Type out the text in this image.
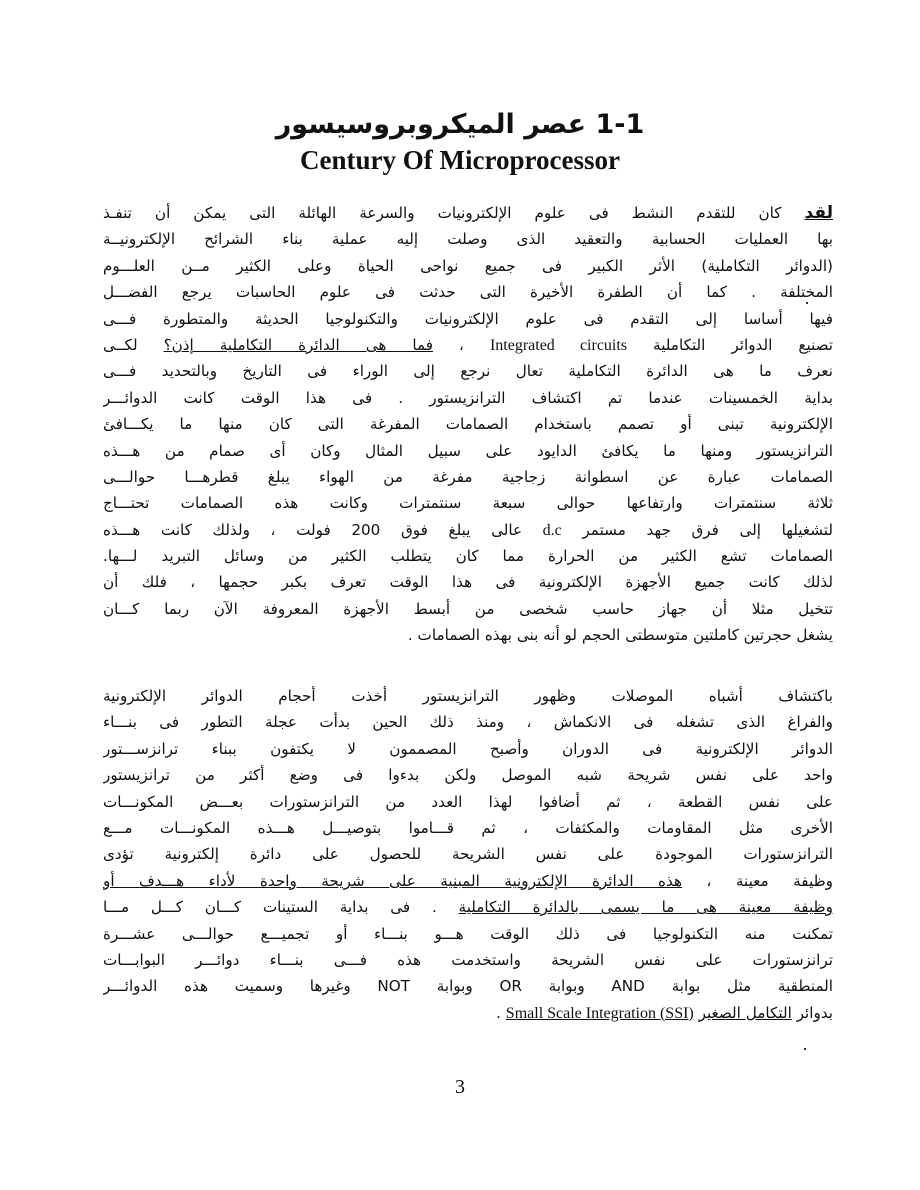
1-1 عصر الميكروبروسيسور
Century Of Microprocessor
لقد كان للتقدم النشط فى علوم الإلكترونيات والسرعة الهائلة التى يمكن أن تنفـذ
بها العمليات الحسابية والتعقيد الذى وصلت إليه عملية بناء الشرائح الإلكترونيــة
(الدوائر التكاملية) الأثر الكبير فى جميع نواحى الحياة وعلى الكثير مــن العلـــوم
المختلفة . كما أن الطفرة الأخيرة التى حدثت فى علوم الحاسبات يرجع الفضـــل
فيها أساسا إلى التقدم فى علوم الإلكترونيات والتكنولوجيا الحديثة والمتطورة فـــى
تصنيع الدوائر التكاملية Integrated circuits ، فما هى الدائرة التكاملية إذن؟ لكــى
نعرف ما هى الدائرة التكاملية تعال نرجع إلى الوراء فى التاريخ وبالتحديد فـــى
بداية الخمسينات عندما تم اكتشاف الترانزيستور . فى هذا الوقت كانت الدوائـــر
الإلكترونية تبنى أو تصمم باستخدام الصمامات المفرغة التى كان منها ما يكـــافئ
الترانزيستور ومنها ما يكافئ الدايود على سبيل المثال وكان أى صمام من هـــذه
الصمامات عبارة عن اسطوانة زجاجية مفرغة من الهواء يبلغ قطرهـــا حوالـــى
ثلاثة سنتمترات وارتفاعها حوالى سبعة سنتمترات وكانت هذه الصمامات تحتـــاج
لتشغيلها إلى فرق جهد مستمر d.c عالى يبلغ فوق 200 فولت ، ولذلك كانت هـــذه
الصمامات تشع الكثير من الحرارة مما كان يتطلب الكثير من وسائل التبريد لـــها.
لذلك كانت جميع الأجهزة الإلكترونية فى هذا الوقت تعرف بكبر حجمها ، فلك أن
تتخيل مثلا أن جهاز حاسب شخصى من أبسط الأجهزة المعروفة الآن ربما كـــان
يشغل حجرتين كاملتين متوسطتى الحجم لو أنه بنى بهذه الصمامات .
باكتشاف أشباه الموصلات وظهور الترانزيستور أخذت أحجام الدوائر الإلكترونية
والفراغ الذى تشغله فى الانكماش ، ومنذ ذلك الحين بدأت عجلة التطور فى بنـــاء
الدوائر الإلكترونية فى الدوران وأصبح المصممون لا يكتفون ببناء ترانزســـتور
واحد على نفس شريحة شبه الموصل ولكن بدءوا فى وضع أكثر من ترانزيستور
على نفس القطعة ، ثم أضافوا لهذا العدد من الترانزستورات بعـــض المكونـــات
الأخرى مثل المقاومات والمكثفات ، ثم قـــاموا بتوصيـــل هـــذه المكونـــات مـــع
الترانزستورات الموجودة على نفس الشريحة للحصول على دائرة إلكترونية تؤدى
وظيفة معينة ، هذه الدائرة الإلكترونية المبنية على شريحة واحدة لأداء هـــدف أو
وظيفة معينة هى ما يسمى بالدائرة التكاملية . فى بداية الستينات كـــان كـــل مـــا
تمكنت منه التكنولوجيا فى ذلك الوقت هـــو بنـــاء أو تجميـــع حوالـــى عشـــرة
ترانزستورات على نفس الشريحة واستخدمت هذه فـــى بنـــاء دوائـــر البوابـــات
المنطقية مثل بوابة AND وبوابة OR وبوابة NOT وغيرها وسميت هذه الدوائـــر
بدوائر التكامل الصغير Small Scale Integration (SSI) .
3
